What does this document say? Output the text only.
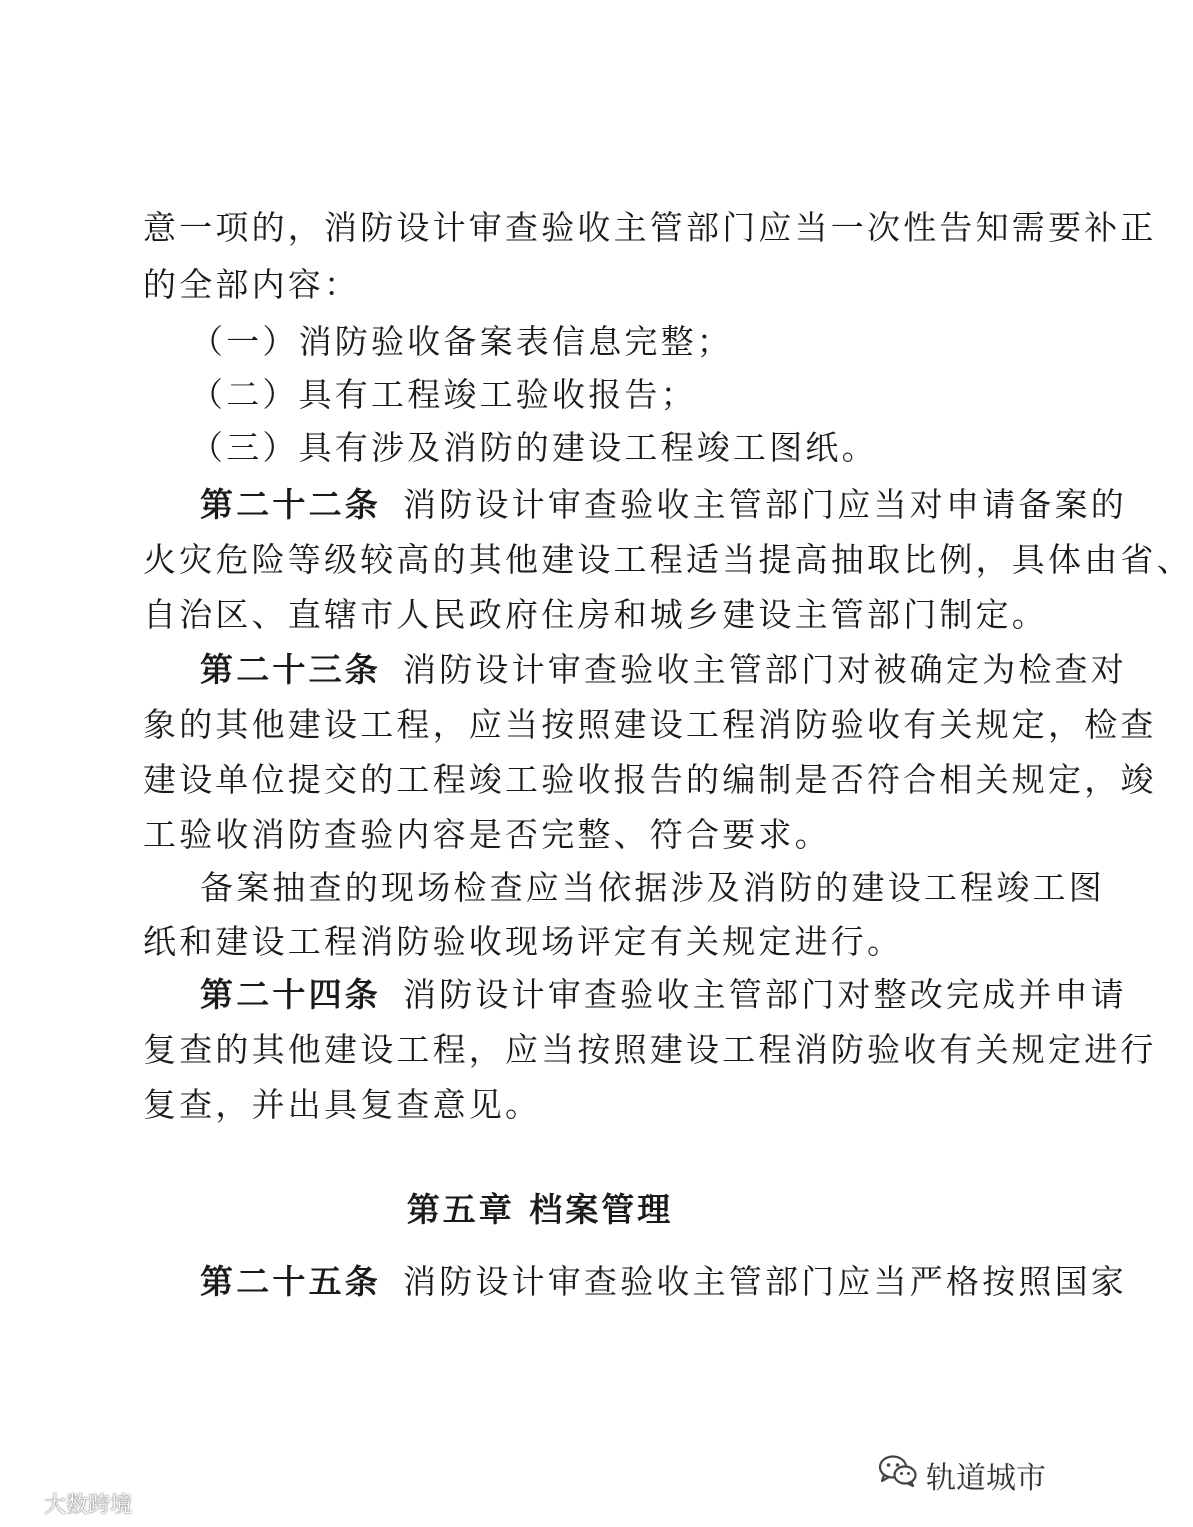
意一项的，消防设计审查验收主管部门应当一次性告知需要补正
的全部内容：
（一）消防验收备案表信息完整；
（二）具有工程竣工验收报告；
（三）具有涉及消防的建设工程竣工图纸。
第二十二条 消防设计审查验收主管部门应当对申请备案的
火灾危险等级较高的其他建设工程适当提高抽取比例，具体由省、
自治区、直辖市人民政府住房和城乡建设主管部门制定。
第二十三条 消防设计审查验收主管部门对被确定为检查对
象的其他建设工程，应当按照建设工程消防验收有关规定，检查
建设单位提交的工程竣工验收报告的编制是否符合相关规定，竣
工验收消防查验内容是否完整、符合要求。
备案抽查的现场检查应当依据涉及消防的建设工程竣工图
纸和建设工程消防验收现场评定有关规定进行。
第二十四条 消防设计审查验收主管部门对整改完成并申请
复查的其他建设工程，应当按照建设工程消防验收有关规定进行
复查，并出具复查意见。
第五章 档案管理
第二十五条 消防设计审查验收主管部门应当严格按照国家
大数跨境
轨道城市
